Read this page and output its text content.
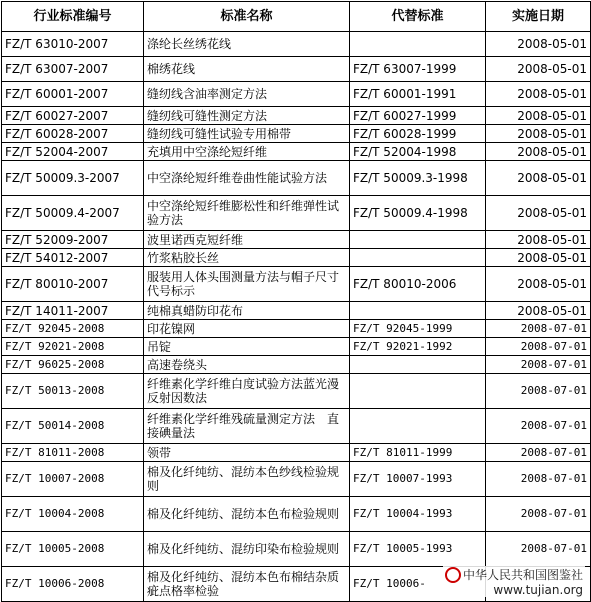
行业标准编号	标准名称	代替标准	实施日期
FZ/T 63010-2007	涤纶长丝绣花线		2008-05-01
FZ/T 63007-2007	棉绣花线	FZ/T 63007-1999	2008-05-01
FZ/T 60001-2007	缝纫线含油率测定方法	FZ/T 60001-1991	2008-05-01
FZ/T 60027-2007	缝纫线可缝性测定方法	FZ/T 60027-1999	2008-05-01
FZ/T 60028-2007	缝纫线可缝性试验专用棉带	FZ/T 60028-1999	2008-05-01
FZ/T 52004-2007	充填用中空涤纶短纤维	FZ/T 52004-1998	2008-05-01
FZ/T 50009.3-2007	中空涤纶短纤维卷曲性能试验方法	FZ/T 50009.3-1998	2008-05-01
FZ/T 50009.4-2007	中空涤纶短纤维膨松性和纤维弹性试验方法	FZ/T 50009.4-1998	2008-05-01
FZ/T 52009-2007	波里诺西克短纤维		2008-05-01
FZ/T 54012-2007	竹浆粘胶长丝		2008-05-01
FZ/T 80010-2007	服装用人体头围测量方法与帽子尺寸代号标示	FZ/T 80010-2006	2008-05-01
FZ/T 14011-2007	纯棉真蜡防印花布		2008-05-01
FZ/T 92045-2008	印花镍网	FZ/T 92045-1999	2008-07-01
FZ/T 92021-2008	吊锭	FZ/T 92021-1992	2008-07-01
FZ/T 96025-2008	高速卷绕头		2008-07-01
FZ/T 50013-2008	纤维素化学纤维白度试验方法蓝光漫反射因数法		2008-07-01
FZ/T 50014-2008	纤维素化学纤维残硫量测定方法　直接碘量法		2008-07-01
FZ/T 81011-2008	领带	FZ/T 81011-1999	2008-07-01
FZ/T 10007-2008	棉及化纤纯纺、混纺本色纱线检验规则	FZ/T 10007-1993	2008-07-01
FZ/T 10004-2008	棉及化纤纯纺、混纺本色布检验规则	FZ/T 10004-1993	2008-07-01
FZ/T 10005-2008	棉及化纤纯纺、混纺印染布检验规则	FZ/T 10005-1993	2008-07-01
FZ/T 10006-2008	棉及化纤纯纺、混纺本色布棉结杂质疵点格率检验	FZ/T 10006-	
中华人民共和国图鉴社
www.tujian.org
